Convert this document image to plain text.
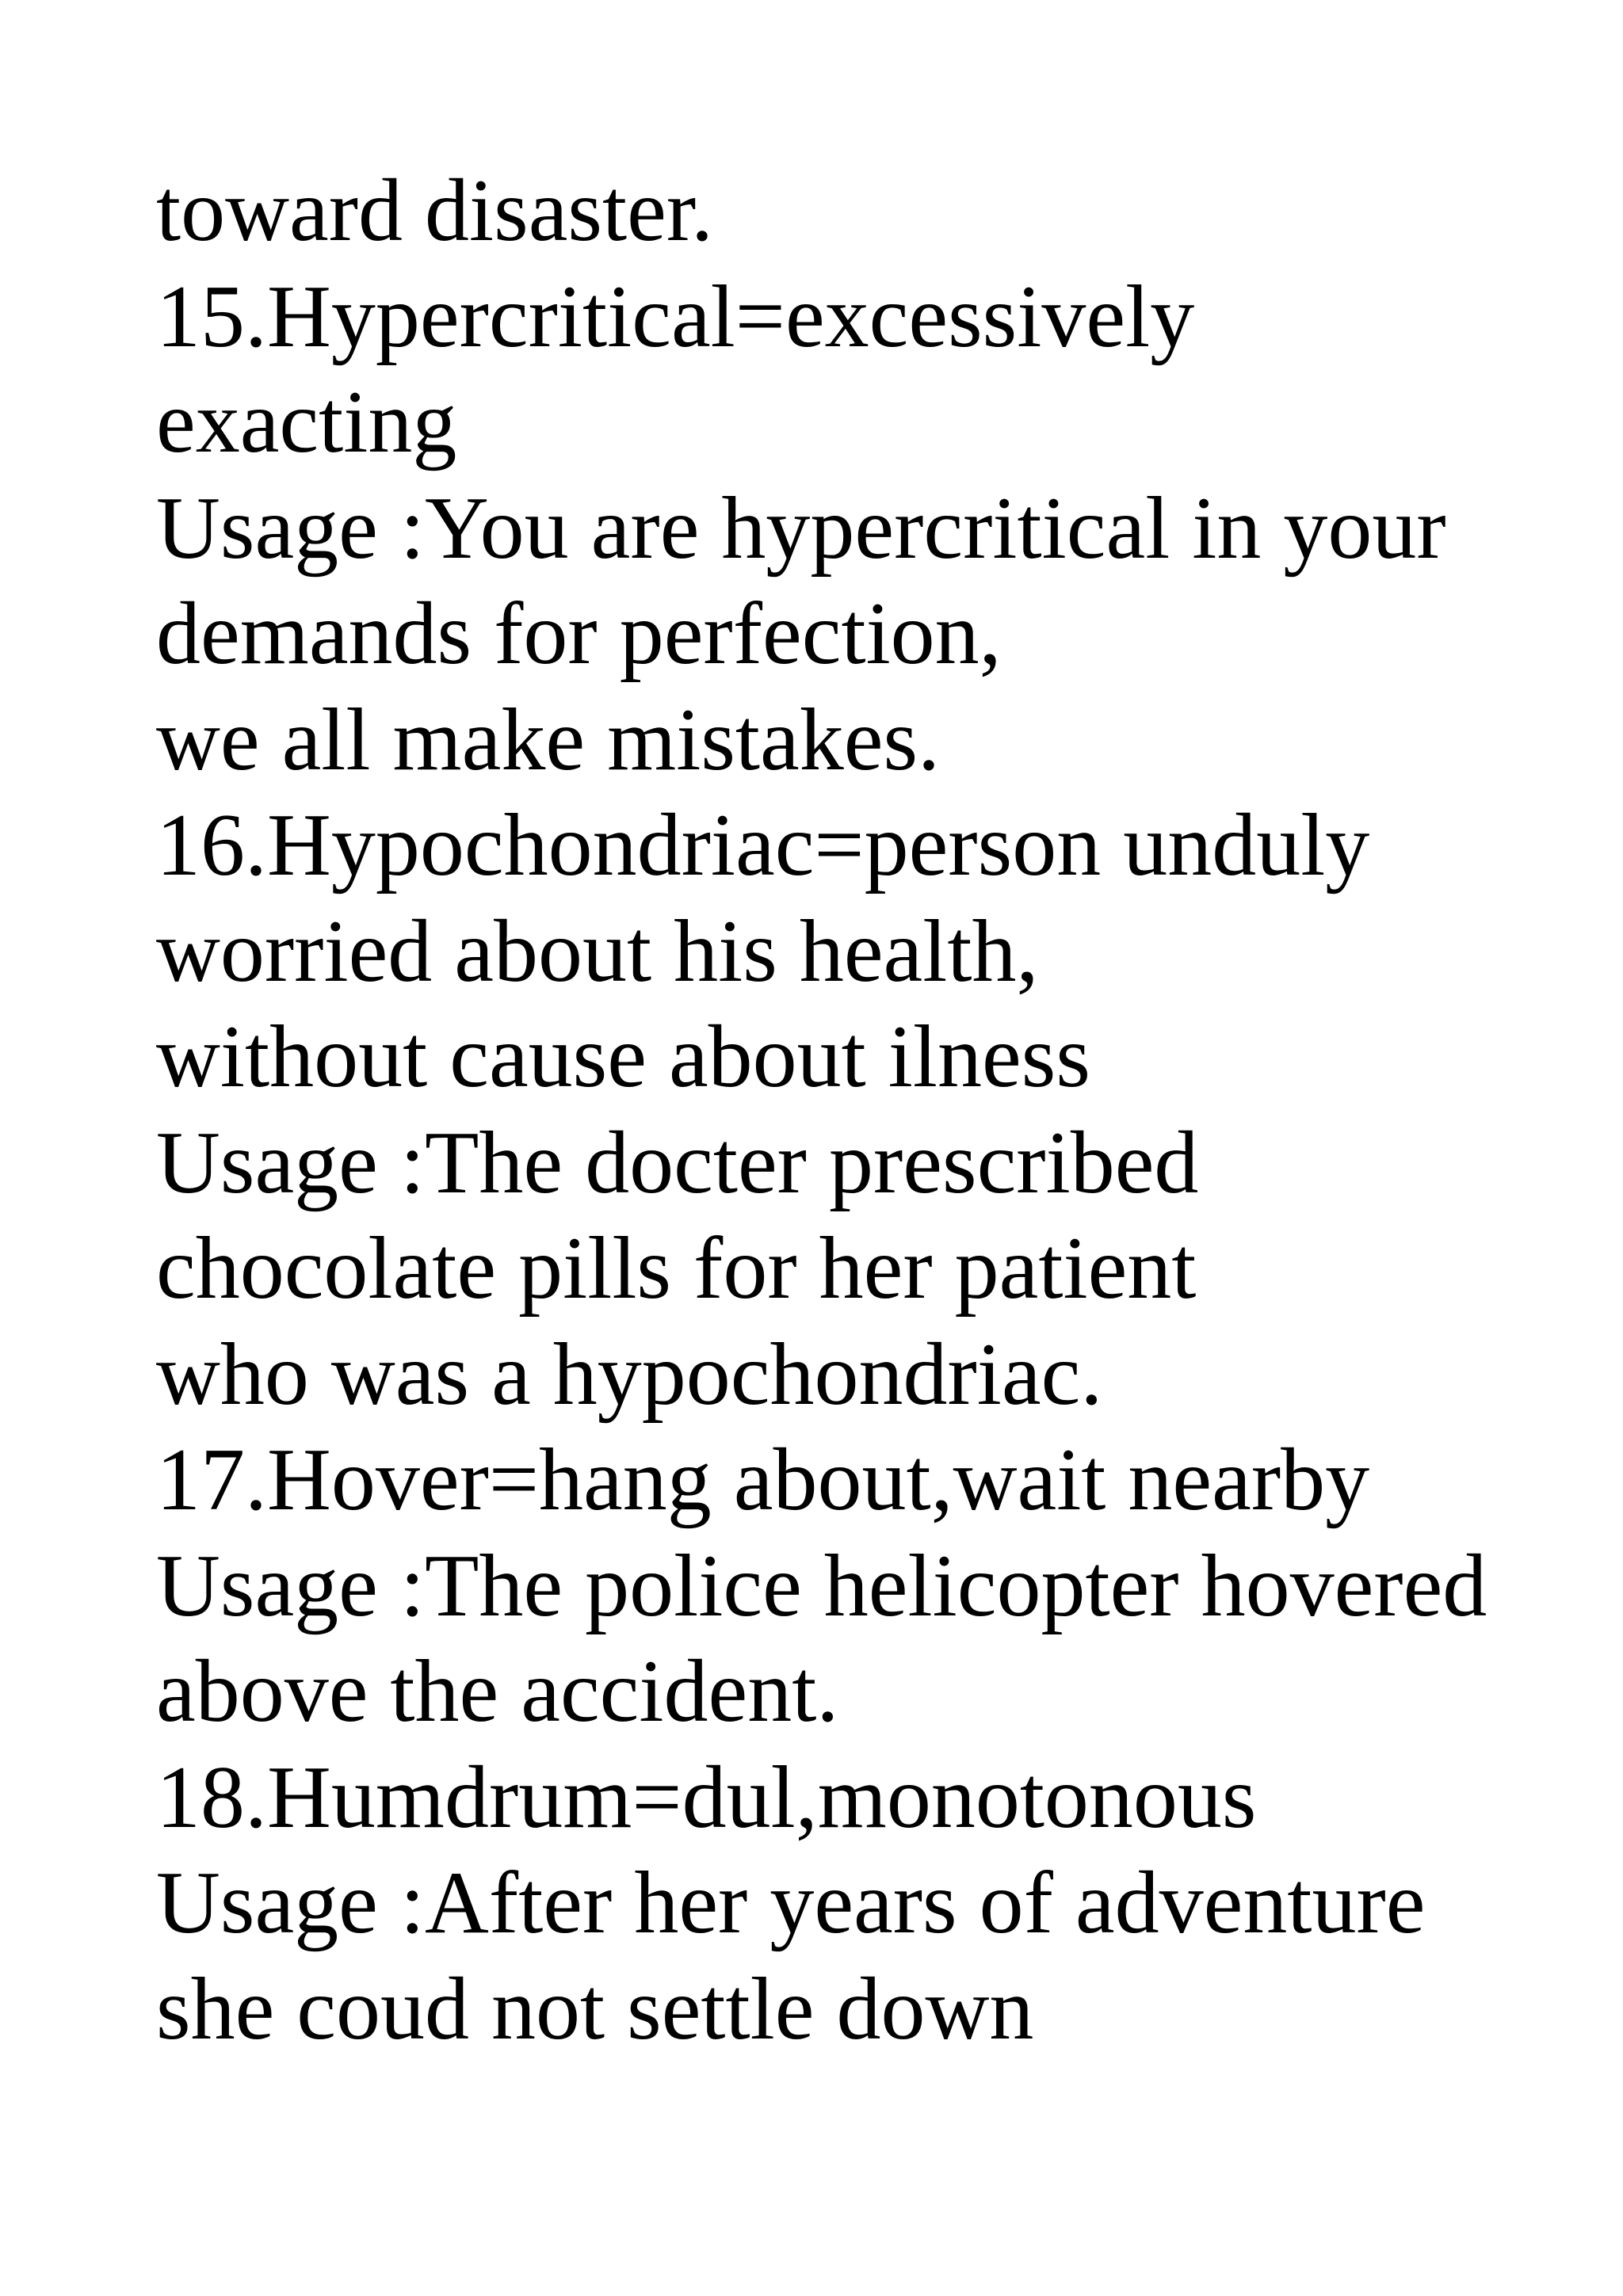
toward disaster.
15.Hypercritical=excessively
exacting
Usage :You are hypercritical in your
demands for perfection,
we all make mistakes.
16.Hypochondriac=person unduly
worried about his health,
without cause about ilness
Usage :The docter prescribed
chocolate pills for her patient
who was a hypochondriac.
17.Hover=hang about,wait nearby
Usage :The police helicopter hovered
above the accident.
18.Humdrum=dul,monotonous
Usage :After her years of adventure
she coud not settle down
